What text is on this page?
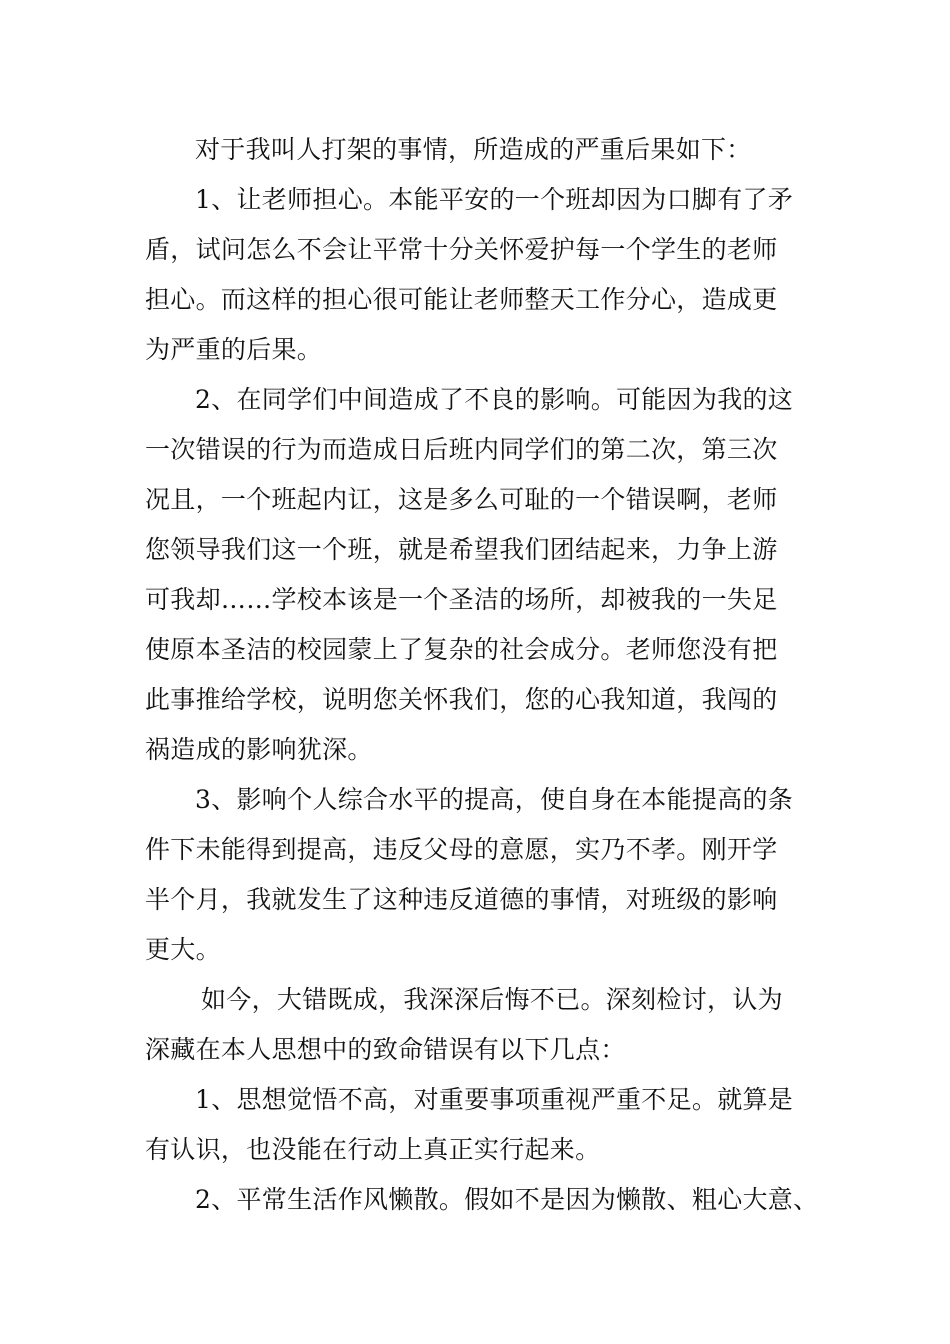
对于我叫人打架的事情，所造成的严重后果如下：
1、让老师担心。本能平安的一个班却因为口脚有了矛
盾，试问怎么不会让平常十分关怀爱护每一个学生的老师
担心。而这样的担心很可能让老师整天工作分心，造成更
为严重的后果。
2、在同学们中间造成了不良的影响。可能因为我的这
一次错误的行为而造成日后班内同学们的第二次，第三次
况且，一个班起内讧，这是多么可耻的一个错误啊，老师
您领导我们这一个班，就是希望我们团结起来，力争上游
可我却……学校本该是一个圣洁的场所，却被我的一失足
使原本圣洁的校园蒙上了复杂的社会成分。老师您没有把
此事推给学校，说明您关怀我们，您的心我知道，我闯的
祸造成的影响犹深。
3、影响个人综合水平的提高，使自身在本能提高的条
件下未能得到提高，违反父母的意愿，实乃不孝。刚开学
半个月，我就发生了这种违反道德的事情，对班级的影响
更大。
如今，大错既成，我深深后悔不已。深刻检讨，认为
深藏在本人思想中的致命错误有以下几点：
1、思想觉悟不高，对重要事项重视严重不足。就算是
有认识，也没能在行动上真正实行起来。
2、平常生活作风懒散。假如不是因为懒散、粗心大意、
